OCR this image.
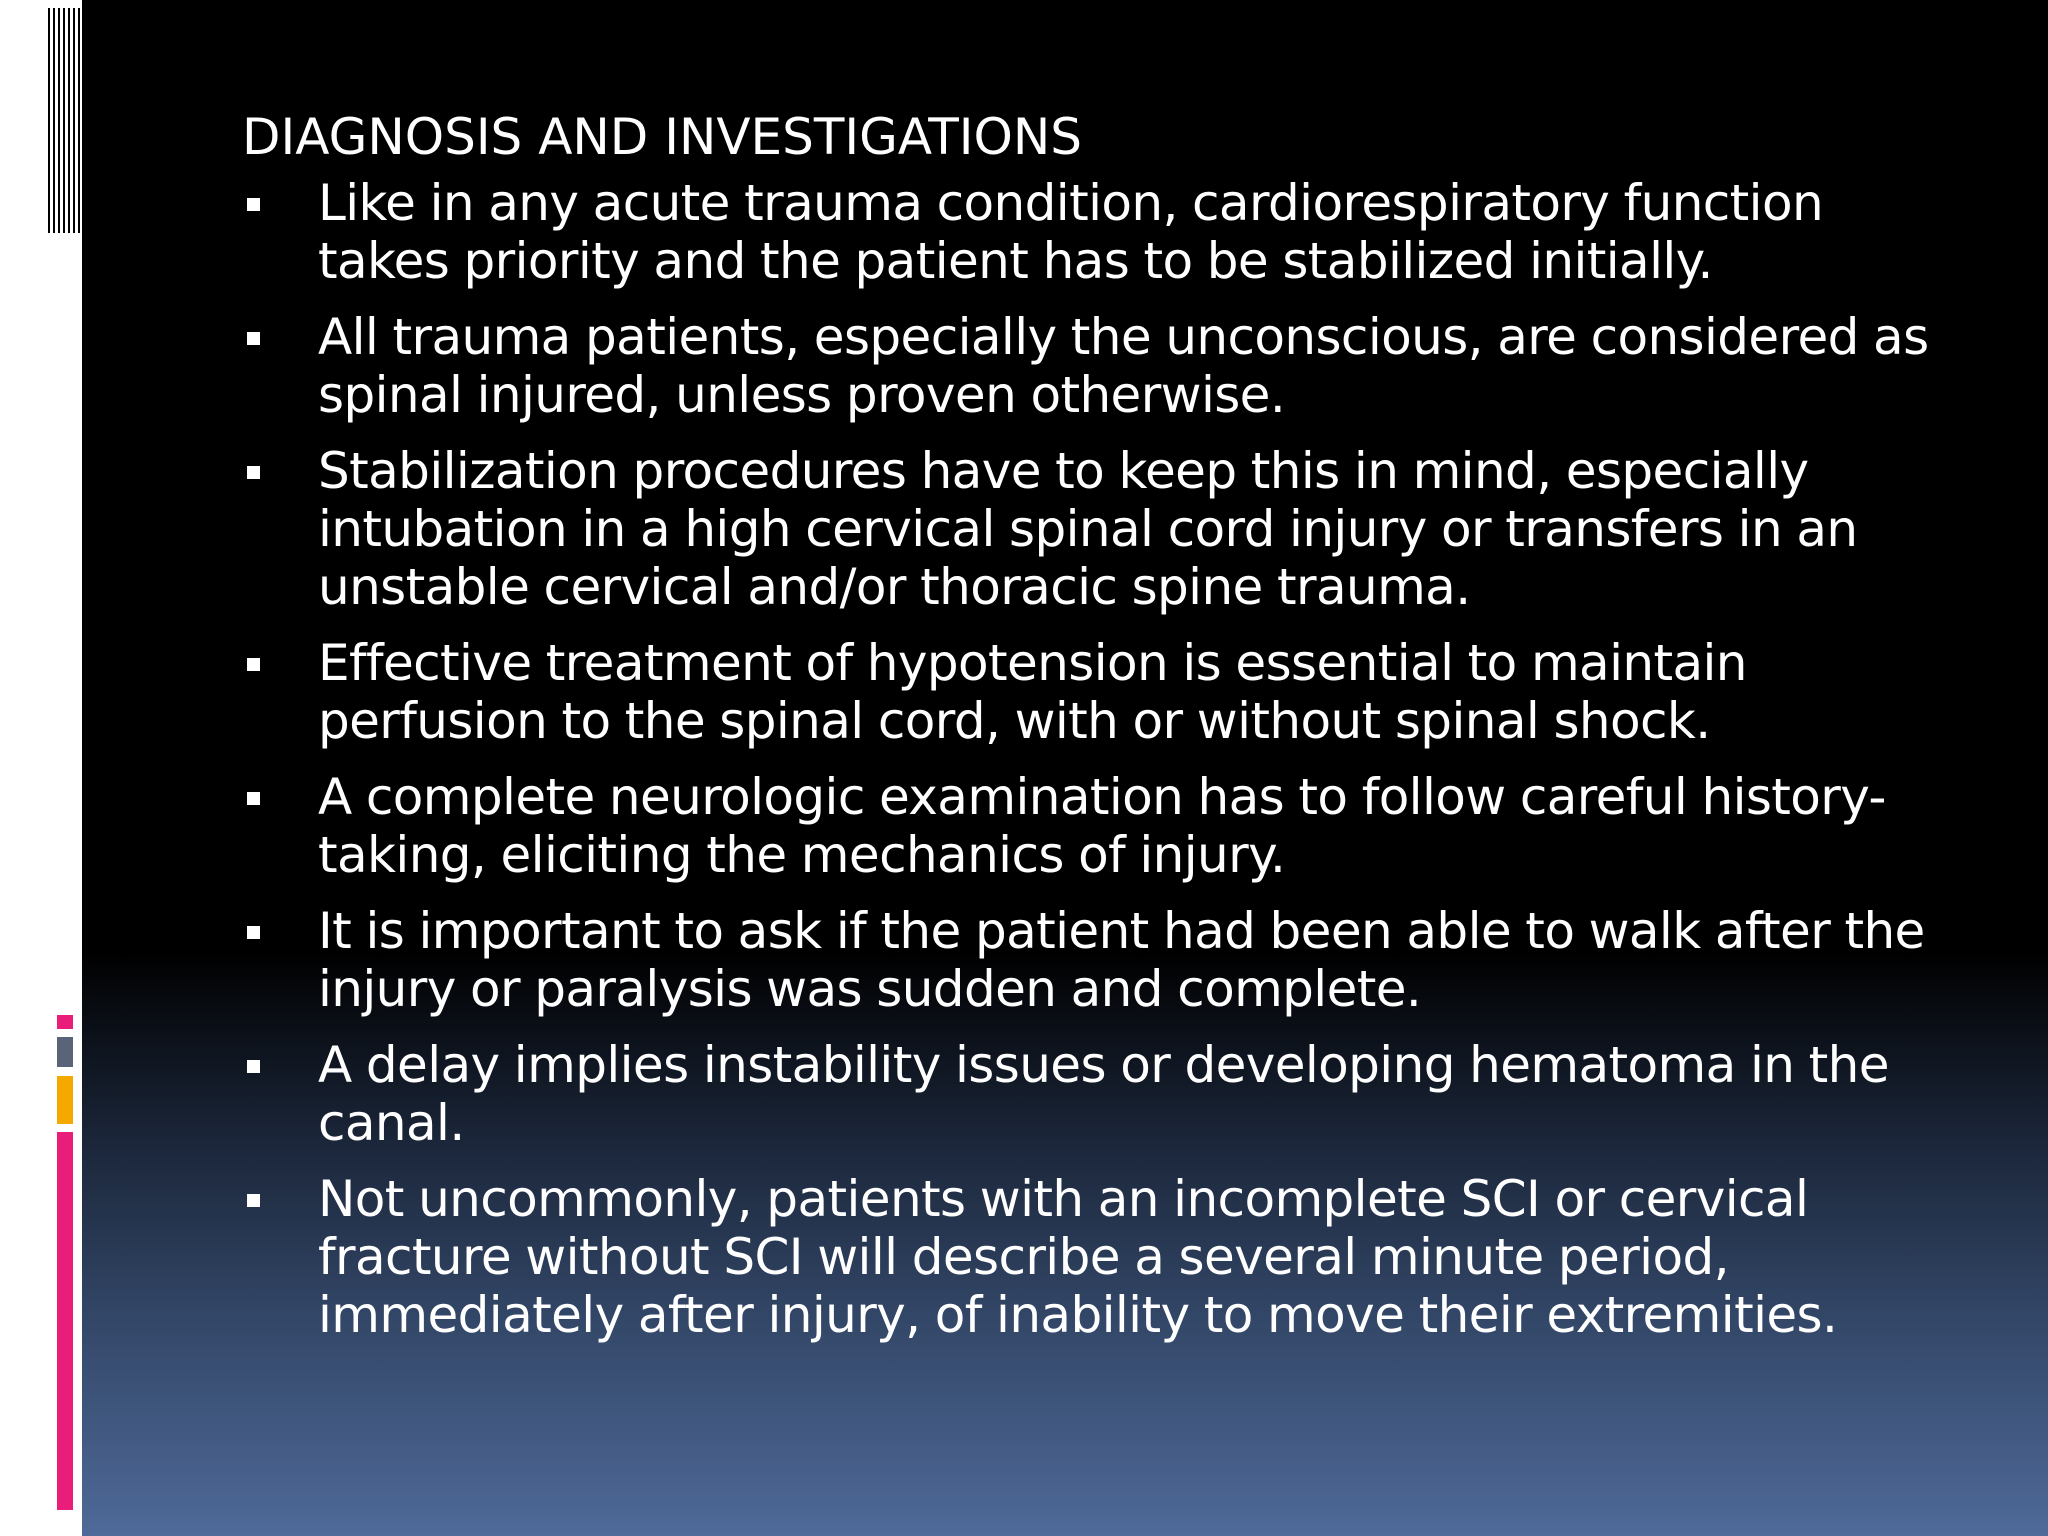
DIAGNOSIS AND INVESTIGATIONS
Like in any acute trauma condition, cardiorespiratory function takes priority and the patient has to be stabilized initially.
All trauma patients, especially the unconscious, are considered as spinal injured, unless proven otherwise.
Stabilization procedures have to keep this in mind, especially intubation in a high cervical spinal cord injury or transfers in an unstable cervical and/or thoracic spine trauma.
Effective treatment of hypotension is essential to maintain perfusion to the spinal cord, with or without spinal shock.
A complete neurologic examination has to follow careful history-taking, eliciting the mechanics of injury.
It is important to ask if the patient had been able to walk after the injury or paralysis was sudden and complete.
A delay implies instability issues or developing hematoma in the canal.
Not uncommonly, patients with an incomplete SCI or cervical fracture without SCI will describe a several minute period, immediately after injury, of inability to move their extremities.
